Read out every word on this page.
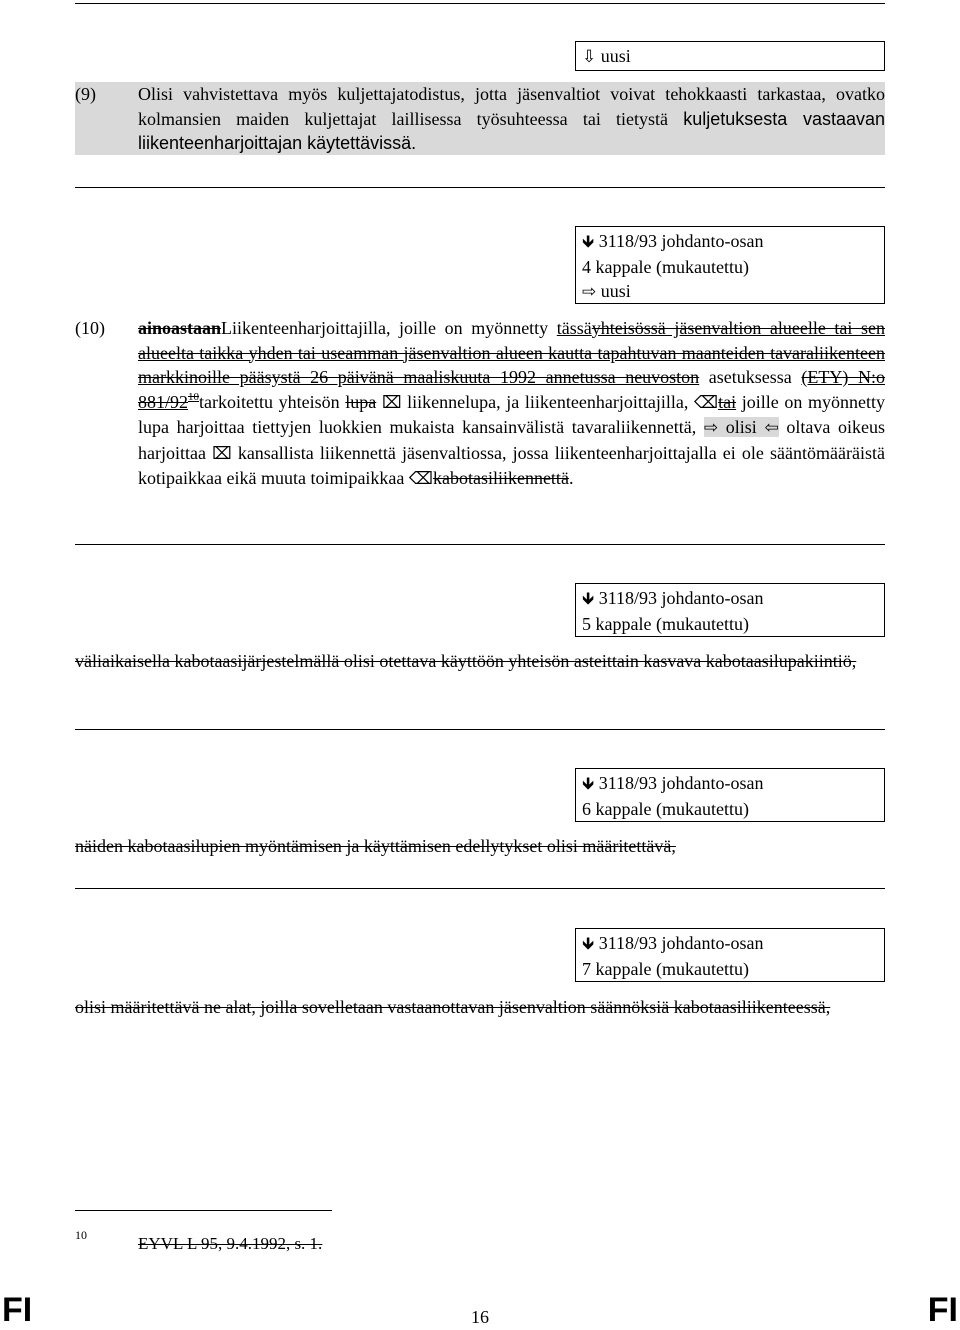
⇩ uusi
(9) Olisi vahvistettava myös kuljettajatodistus, jotta jäsenvaltiot voivat tehokkaasti tarkastaa, ovatko kolmansien maiden kuljettajat laillisessa työsuhteessa tai tietystä kuljetuksesta vastaavan liikenteenharjoittajan käytettävissä.
🡻 3118/93 johdanto-osan
4 kappale (mukautettu)
⇨ uusi
(10) ainoastaanLiikenteenharjoittajilla, joille on myönnetty tässäyhteisössä jäsenvaltion alueelle tai sen alueelta taikka yhden tai useamman jäsenvaltion alueen kautta tapahtuvan maanteiden tavaraliikenteen markkinoille pääsystä 26 päivänä maaliskuuta 1992 annetussa neuvoston asetuksessa (ETY) N:o 881/92$^{10}$tarkoitettu yhteisön lupa ⌧ liikennelupa, ja liikenteenharjoittajilla, ⌫tai joille on myönnetty lupa harjoittaa tiettyjen luokkien mukaista kansainvälistä tavaraliikennettä, ⇨ olisi ⇦ oltava oikeus harjoittaa ⌧ kansallista liikennettä jäsenvaltiossa, jossa liikenteenharjoittajalla ei ole sääntömääräistä kotipaikkaa eikä muuta toimipaikkaa ⌫kabotasiliikennettä.
🡻 3118/93 johdanto-osan
5 kappale (mukautettu)
väliaikaisella kabotaasijärjestelmällä olisi otettava käyttöön yhteisön asteittain kasvava kabotaasilupakiintiö,
🡻 3118/93 johdanto-osan
6 kappale (mukautettu)
näiden kabotaasilupien myöntämisen ja käyttämisen edellytykset olisi määritettävä,
🡻 3118/93 johdanto-osan
7 kappale (mukautettu)
olisi määritettävä ne alat, joilla sovelletaan vastaanottavan jäsenvaltion säännöksiä kabotaasiliikenteessä,
10	EYVL L 95, 9.4.1992, s. 1.
FI	16	FI
